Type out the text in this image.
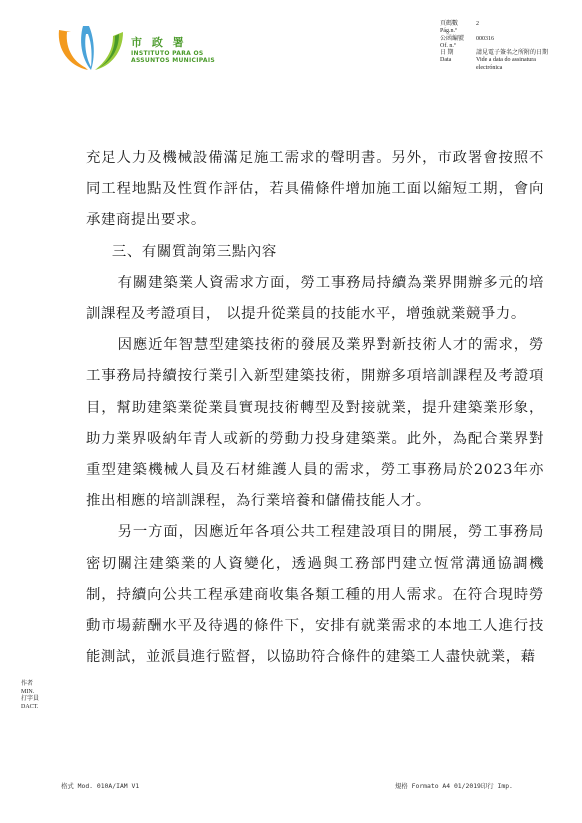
市 政 署
INSTITUTO PARA OS
ASSUNTOS MUNICIPAIS
頁碼數
Pág.n.º
2
公函編號
Of. n.º
000316
日 期
Data
請見電子簽名之所附的日期
Vide a data do assinatura
electrónica

充足人力及機械設備滿足施工需求的聲明書。另外，市政署會按照不同工程地點及性質作評估，若具備條件增加施工面以縮短工期，會向承建商提出要求。

三、有關質詢第三點內容

有關建築業人資需求方面，勞工事務局持續為業界開辦多元的培訓課程及考證項目， 以提升從業員的技能水平，增強就業競爭力。

因應近年智慧型建築技術的發展及業界對新技術人才的需求，勞工事務局持續按行業引入新型建築技術，開辦多項培訓課程及考證項目，幫助建築業從業員實現技術轉型及對接就業，提升建築業形象，助力業界吸納年青人或新的勞動力投身建築業。此外，為配合業界對重型建築機械人員及石材維護人員的需求，勞工事務局於2023年亦推出相應的培訓課程，為行業培養和儲備技能人才。

另一方面，因應近年各項公共工程建設項目的開展，勞工事務局密切關注建築業的人資變化，透過與工務部門建立恆常溝通協調機制，持續向公共工程承建商收集各類工種的用人需求。在符合現時勞動市場薪酬水平及待遇的條件下，安排有就業需求的本地工人進行技能測試，並派員進行監督，以協助符合條件的建築工人盡快就業，藉

作者
MIN.
打字員
DACT.
格式 Mod. 010A/IAM V1	規格 Formato A4 01/2019印行 Imp.
